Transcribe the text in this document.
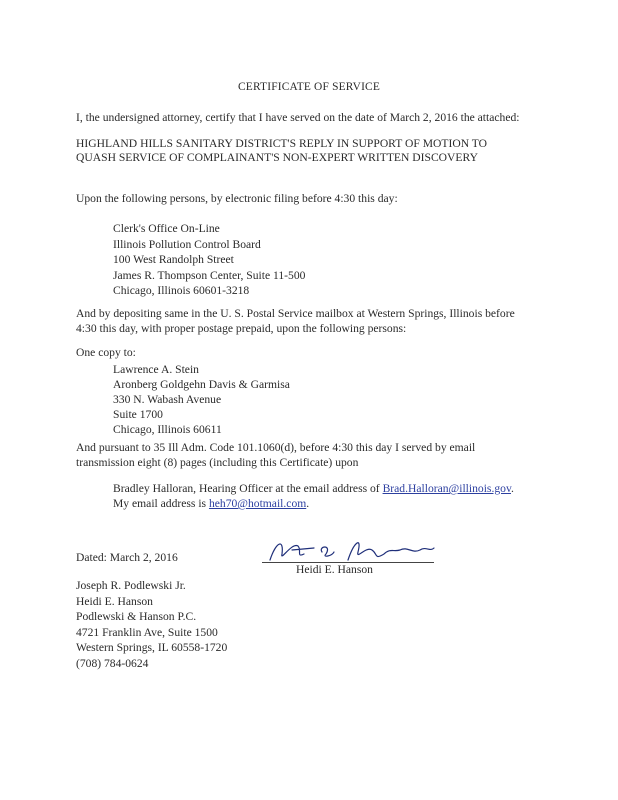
CERTIFICATE OF SERVICE
I, the undersigned attorney, certify that I have served on the date of March 2, 2016 the attached:
HIGHLAND HILLS SANITARY DISTRICT'S REPLY IN SUPPORT OF MOTION TO
QUASH SERVICE OF COMPLAINANT'S NON-EXPERT WRITTEN DISCOVERY
Upon the following persons, by electronic filing before 4:30 this day:
Clerk's Office On-Line
Illinois Pollution Control Board
100 West Randolph Street
James R. Thompson Center, Suite 11-500
Chicago, Illinois 60601-3218
And by depositing same in the U. S. Postal Service mailbox at Western Springs, Illinois before
4:30 this day, with proper postage prepaid, upon the following persons:
One copy to:
Lawrence A. Stein
Aronberg Goldgehn Davis & Garmisa
330 N. Wabash Avenue
Suite 1700
Chicago, Illinois 60611
And pursuant to 35 Ill Adm. Code 101.1060(d), before 4:30 this day I served by email
transmission eight (8) pages (including this Certificate) upon
Bradley Halloran, Hearing Officer at the email address of Brad.Halloran@illinois.gov.
My email address is heh70@hotmail.com.
Dated: March 2, 2016
Heidi E. Hanson
Joseph R. Podlewski Jr.
Heidi E. Hanson
Podlewski & Hanson P.C.
4721 Franklin Ave, Suite 1500
Western Springs, IL 60558-1720
(708) 784-0624
